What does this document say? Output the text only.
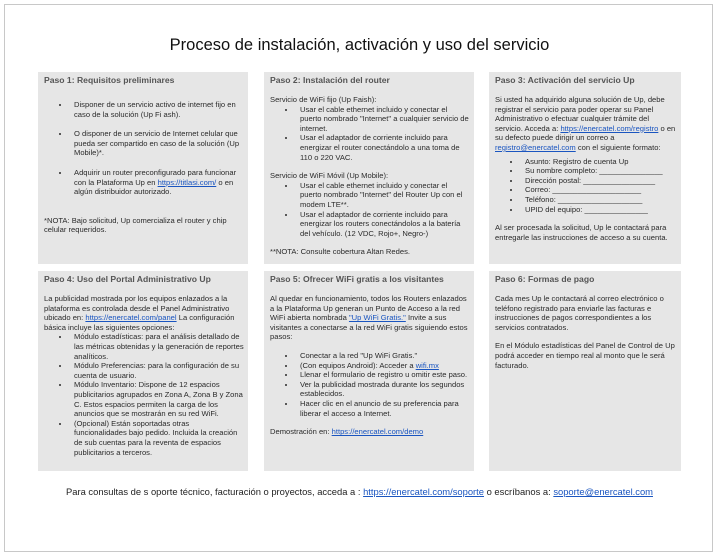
Proceso de instalación, activación y uso del servicio
Paso 1: Requisitos preliminares
• Disponer de un servicio activo de internet fijo en caso de la solución (Up Fi ash).
• O disponer de un servicio de Internet celular que pueda ser compartido en caso de la solución (Up Mobile)*.
• Adquirir un router preconfigurado para funcionar con la Plataforma Up en https://titlasi.com/ o en algún distribuidor autorizado.

*NOTA: Bajo solicitud, Up comercializa el router y chip celular requeridos.

Paso 2: Instalación del router

Servicio de WiFi fijo (Up Faish):

• Usar el cable ethernet incluido y conectar el puerto nombrado "Internet" a cualquier servicio de internet.
• Usar el adaptador de corriente incluido para energizar el router conectándolo a una toma de 110 o 220 VAC.

Servicio de WiFi Móvil (Up Mobile):

• Usar el cable ethernet incluido y conectar el puerto nombrado "Internet" del Router Up con el modem LTE**.
• Usar el adaptador de corriente incluido para energizar los routers conectándolos a la batería del vehículo. (12 VDC, Rojo+, Negro-)

**NOTA: Consulte cobertura Altan Redes.

Paso 3: Activación del servicio Up

Si usted ha adquirido alguna solución de Up, debe registrar el servicio para poder operar su Panel Administrativo o efectuar cualquier trámite del servicio. Acceda a: https://enercatel.com/registro o en su defecto puede dirigir un correo a registro@enercatel.com con el siguiente formato:

• Asunto: Registro de cuenta Up
• Su nombre completo: _______________
• Dirección postal: _________________
• Correo: _____________________
• Teléfono: ____________________
• UPID del equipo: _______________

Al ser procesada la solicitud, Up le contactará para entregarle las instrucciones de acceso a su cuenta.

Paso 4: Uso del Portal Administrativo Up

La publicidad mostrada por los equipos enlazados a la plataforma es controlada desde el Panel Administrativo ubicado en: https://enercatel.com/panel La configuración básica incluye las siguientes opciones:

• Módulo estadísticas: para el análisis detallado de las métricas obtenidas y la generación de reportes analíticos.
• Módulo Preferencias: para la configuración de su cuenta de usuario.
• Módulo Inventario: Dispone de 12 espacios publicitarios agrupados en Zona A, Zona B y Zona C. Estos espacios permiten la carga de los anuncios que se mostrarán en su red WiFi.
• (Opcional) Están soportadas otras funcionalidades bajo pedido. Incluida la creación de sub cuentas para la reventa de espacios publicitarios a terceros.
Paso 5: Ofrecer WiFi gratis a los visitantes

Al quedar en funcionamiento, todos los Routers enlazados a la Plataforma Up generan un Punto de Acceso a la red WiFi abierta nombrada "Up WiFi Gratis." Invite a sus visitantes a conectarse a la red WiFi gratis siguiendo estos pasos:

• Conectar a la red "Up WiFi Gratis."
• (Con equipos Android): Acceder a wifi.mx
• Llenar el formulario de registro u omitir este paso.
• Ver la publicidad mostrada durante los segundos establecidos.
• Hacer clic en el anuncio de su preferencia para liberar el acceso a Internet.

Demostración en: https://enercatel.com/demo

Paso 6: Formas de pago

Cada mes Up le contactará al correo electrónico o teléfono registrado para enviarle las facturas e instrucciones de pagos correspondientes a los servicios contratados.

En el Módulo estadísticas del Panel de Control de Up podrá acceder en tiempo real al monto que le será facturado.

Para consultas de s oporte técnico, facturación o proyectos, acceda a : https://enercatel.com/soporte o escríbanos a: soporte@enercatel.com
